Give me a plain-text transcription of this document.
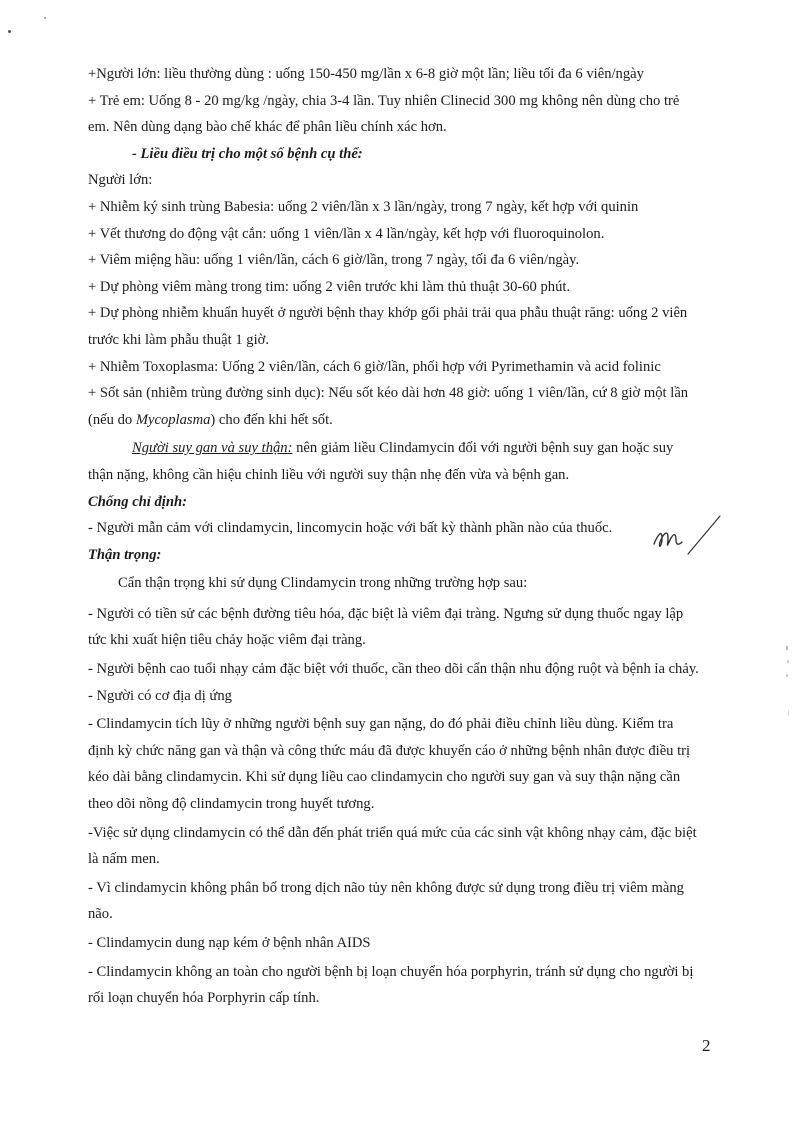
+Người lớn: liều thường dùng : uống 150-450 mg/lần x 6-8 giờ một lần; liều tối đa 6 viên/ngày

+ Trẻ em: Uống 8 - 20 mg/kg /ngày, chia 3-4 lần. Tuy nhiên Clinecid 300 mg không nên dùng cho trẻ

em. Nên dùng dạng bào chế khác để phân liều chính xác hơn.

- Liều điều trị cho một số bệnh cụ thể:

Người lớn:

+ Nhiễm ký sinh trùng Babesia: uống 2 viên/lần x 3 lần/ngày, trong 7 ngày, kết hợp với quinin

+ Vết thương do động vật cắn: uống 1 viên/lần x 4 lần/ngày, kết hợp với fluoroquinolon.

+ Viêm miệng hầu: uống 1 viên/lần, cách 6 giờ/lần, trong 7 ngày, tối đa 6 viên/ngày.

+ Dự phòng viêm màng trong tim: uống 2 viên trước khi làm thủ thuật 30-60 phút.

+ Dự phòng nhiễm khuẩn huyết ở người bệnh thay khớp gối phải trải qua phẫu thuật răng: uống 2 viên

trước khi làm phẫu thuật 1 giờ.

+ Nhiễm Toxoplasma: Uống 2 viên/lần, cách 6 giờ/lần, phối hợp với Pyrimethamin và acid folinic

+ Sốt sản (nhiễm trùng đường sinh dục): Nếu sốt kéo dài hơn 48 giờ: uống 1 viên/lần, cứ 8 giờ một lần

(nếu do Mycoplasma) cho đến khi hết sốt.

Người suy gan và suy thận: nên giảm liều Clindamycin đối với người bệnh suy gan hoặc suy

thận nặng, không cần hiệu chỉnh liều với người suy thận nhẹ đến vừa và bệnh gan.

Chống chỉ định:

- Người mẫn cảm với clindamycin, lincomycin hoặc với bất kỳ thành phần nào của thuốc.

Thận trọng:

Cẩn thận trọng khi sử dụng Clindamycin trong những trường hợp sau:

- Người có tiền sử các bệnh đường tiêu hóa, đặc biệt là viêm đại tràng. Ngưng sử dụng thuốc ngay lập

tức khi xuất hiện tiêu chảy hoặc viêm đại tràng.

- Người bệnh cao tuổi nhạy cảm đặc biệt với thuốc, cần theo dõi cẩn thận nhu động ruột và bệnh ỉa chảy.

- Người có cơ địa dị ứng

- Clindamycin tích lũy ở những người bệnh suy gan nặng, do đó phải điều chỉnh liều dùng. Kiểm tra

định kỳ chức năng gan và thận và công thức máu đã được khuyến cáo ở những bệnh nhân được điều trị

kéo dài bằng clindamycin. Khi sử dụng liều cao clindamycin cho người suy gan và suy thận nặng cần

theo dõi nồng độ clindamycin trong huyết tương.

-Việc sử dụng clindamycin có thể dẫn đến phát triển quá mức của các sinh vật không nhạy cảm, đặc biệt

là nấm men.

- Vì clindamycin không phân bố trong dịch não tủy nên không được sử dụng trong điều trị viêm màng

não.

- Clindamycin dung nạp kém ở bệnh nhân AIDS

- Clindamycin không an toàn cho người bệnh bị loạn chuyển hóa porphyrin, tránh sử dụng cho người bị

rối loạn chuyển hóa Porphyrin cấp tính.

2
